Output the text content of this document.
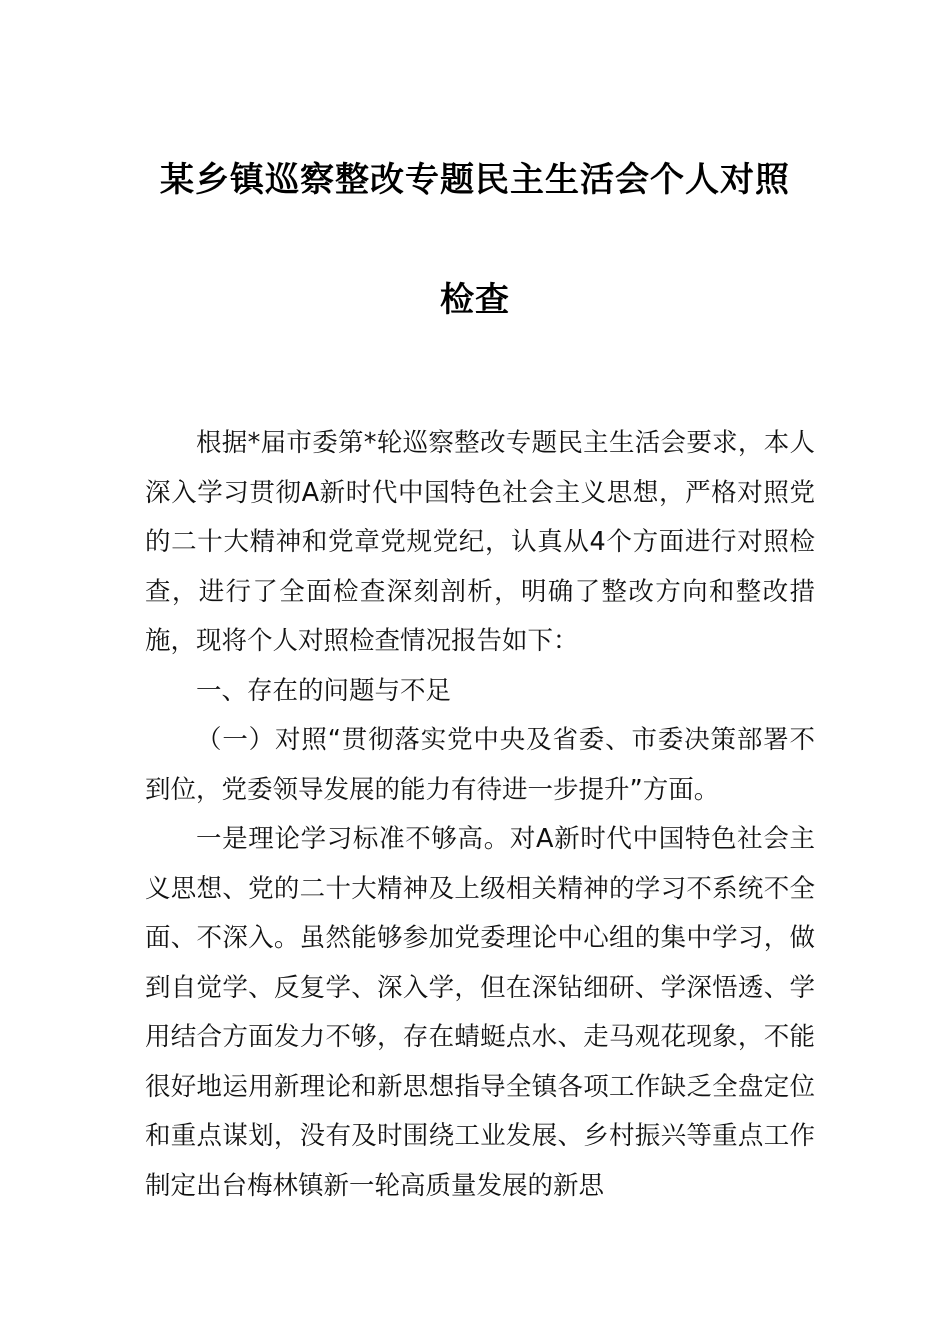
某乡镇巡察整改专题民主生活会个人对照
检查

根据*届市委第*轮巡察整改专题民主生活会要求，本人深入学习贯彻A新时代中国特色社会主义思想，严格对照党的二十大精神和党章党规党纪，认真从4个方面进行对照检查，进行了全面检查深刻剖析，明确了整改方向和整改措施，现将个人对照检查情况报告如下：

一、存在的问题与不足

（一）对照“贯彻落实党中央及省委、市委决策部署不到位，党委领导发展的能力有待进一步提升”方面。

一是理论学习标准不够高。对A新时代中国特色社会主义思想、党的二十大精神及上级相关精神的学习不系统不全面、不深入。虽然能够参加党委理论中心组的集中学习，做到自觉学、反复学、深入学，但在深钻细研、学深悟透、学用结合方面发力不够，存在蜻蜓点水、走马观花现象，不能很好地运用新理论和新思想指导全镇各项工作缺乏全盘定位和重点谋划，没有及时围绕工业发展、乡村振兴等重点工作制定出台梅林镇新一轮高质量发展的新思
